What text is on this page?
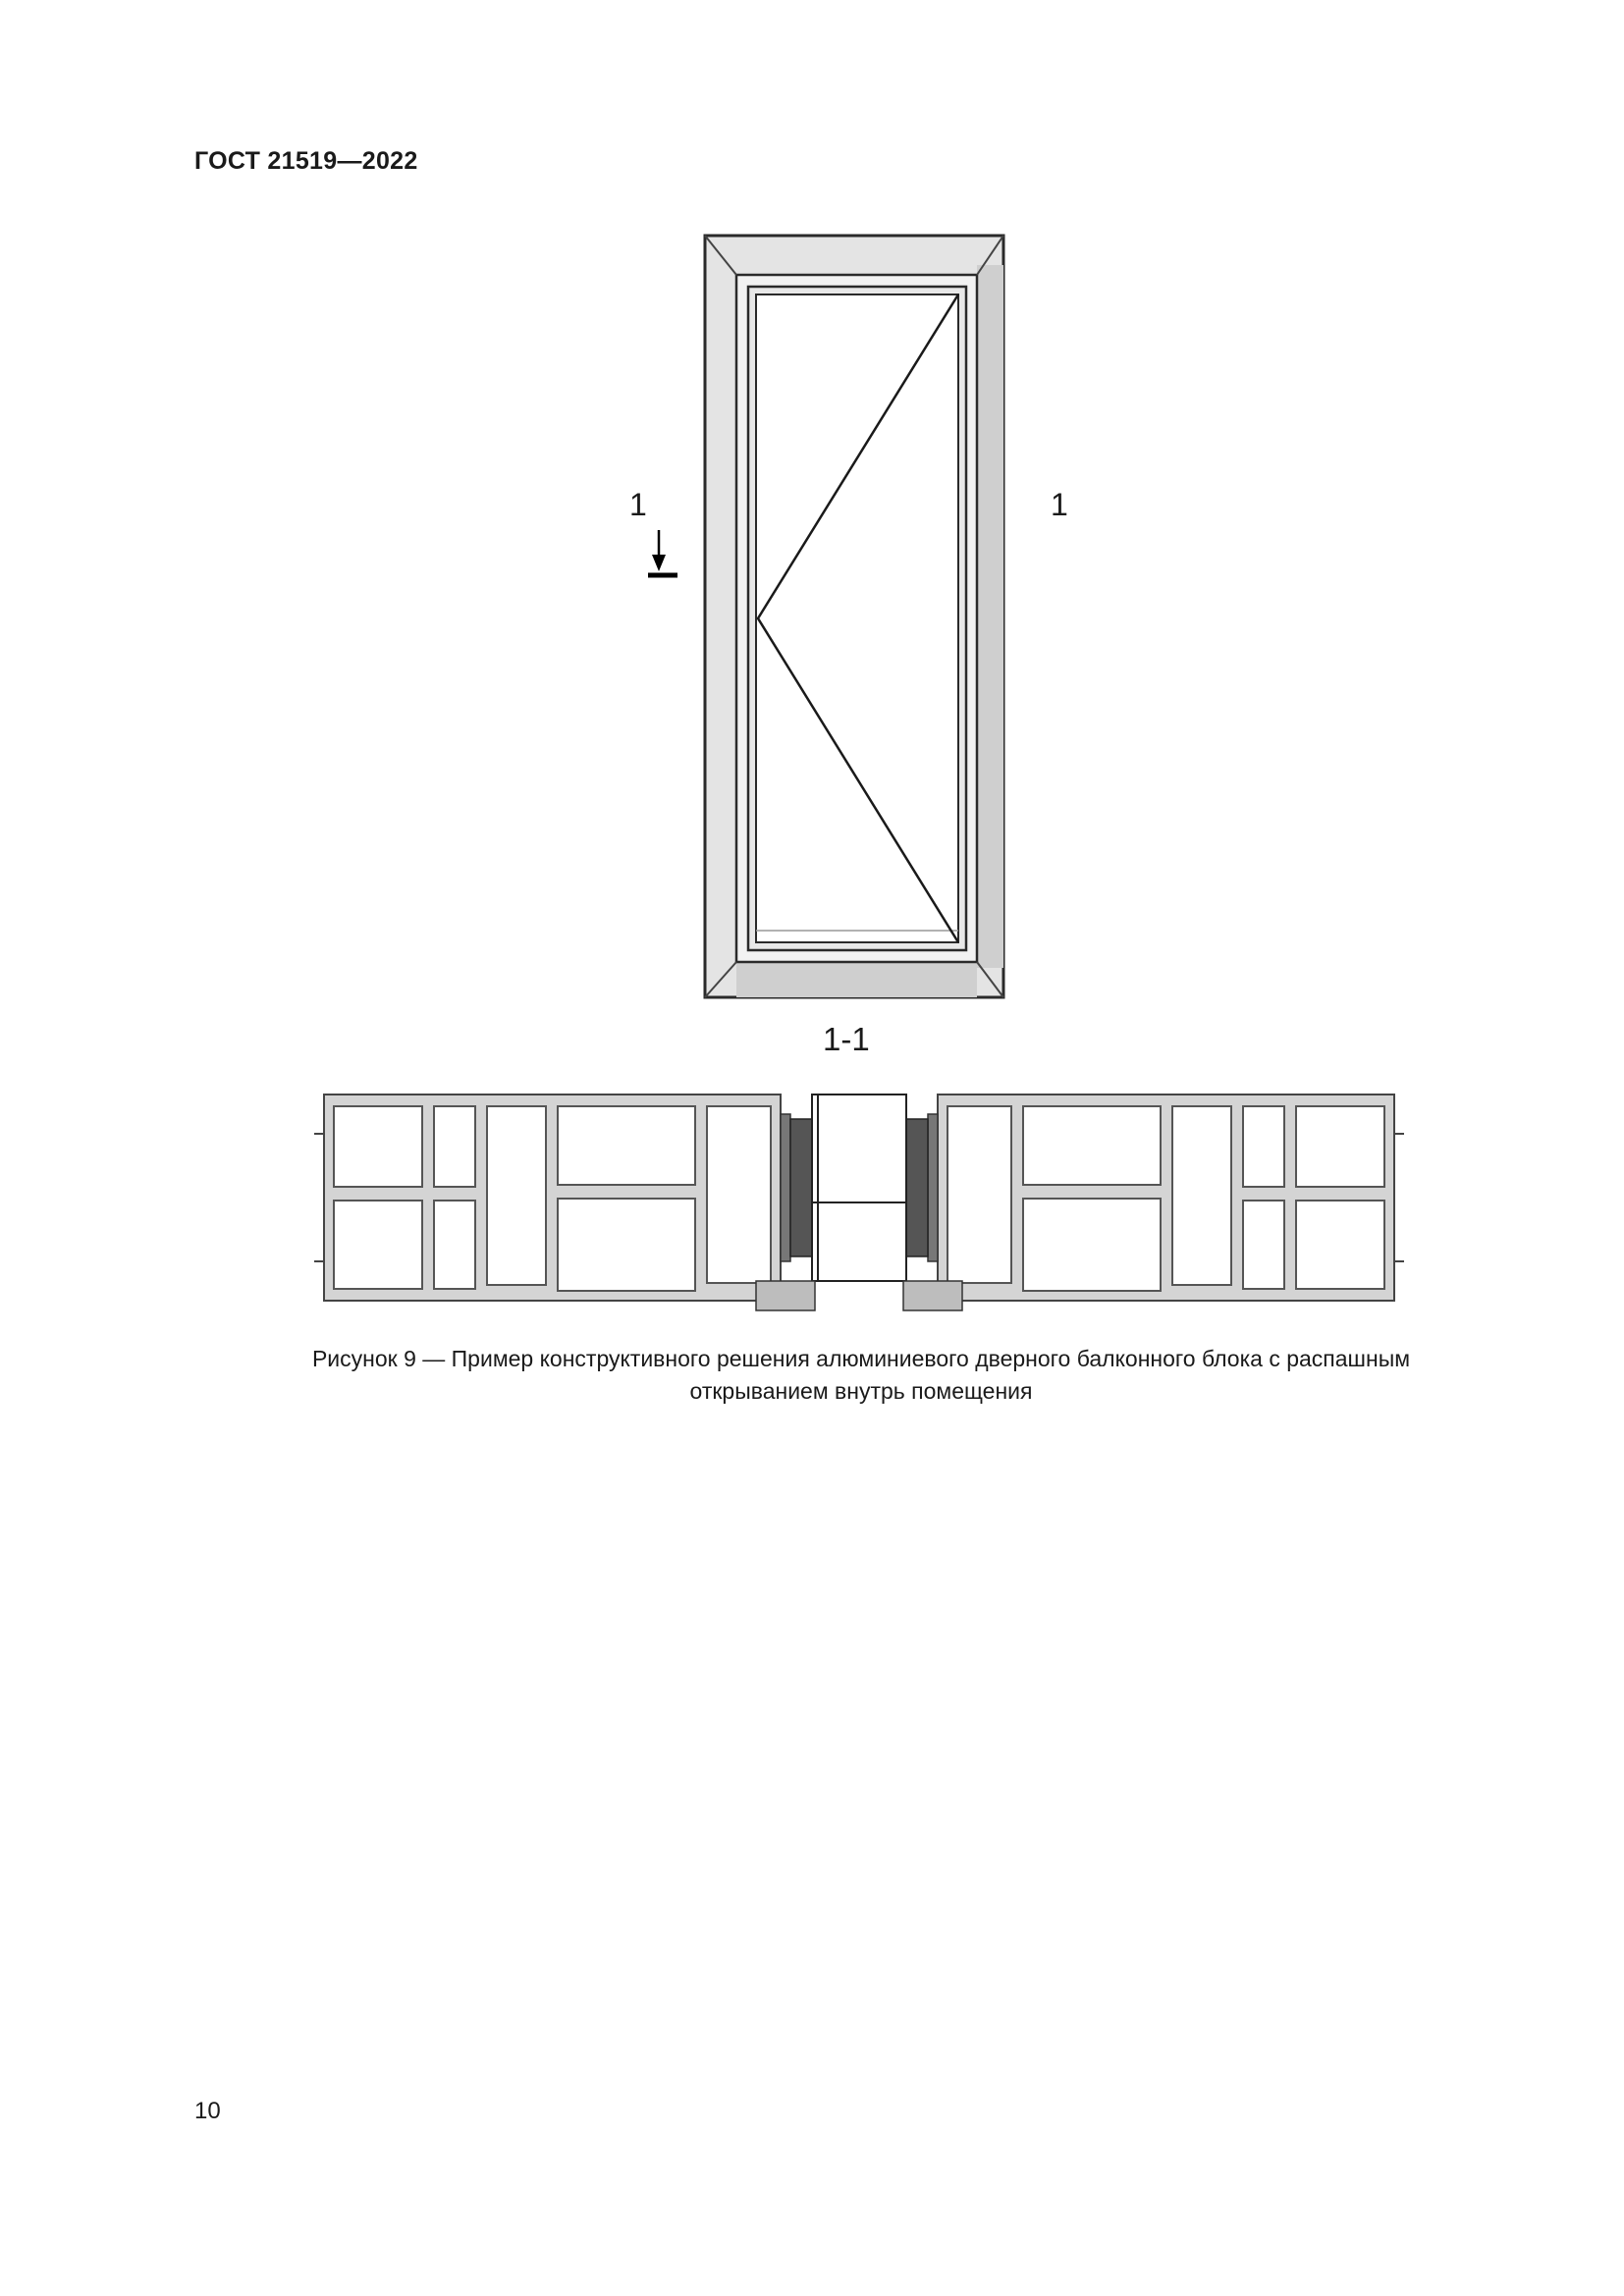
ГОСТ 21519—2022
1	1
1-1
Рисунок 9 — Пример конструктивного решения алюминиевого дверного балконного блока с распашным
открыванием внутрь помещения
10
